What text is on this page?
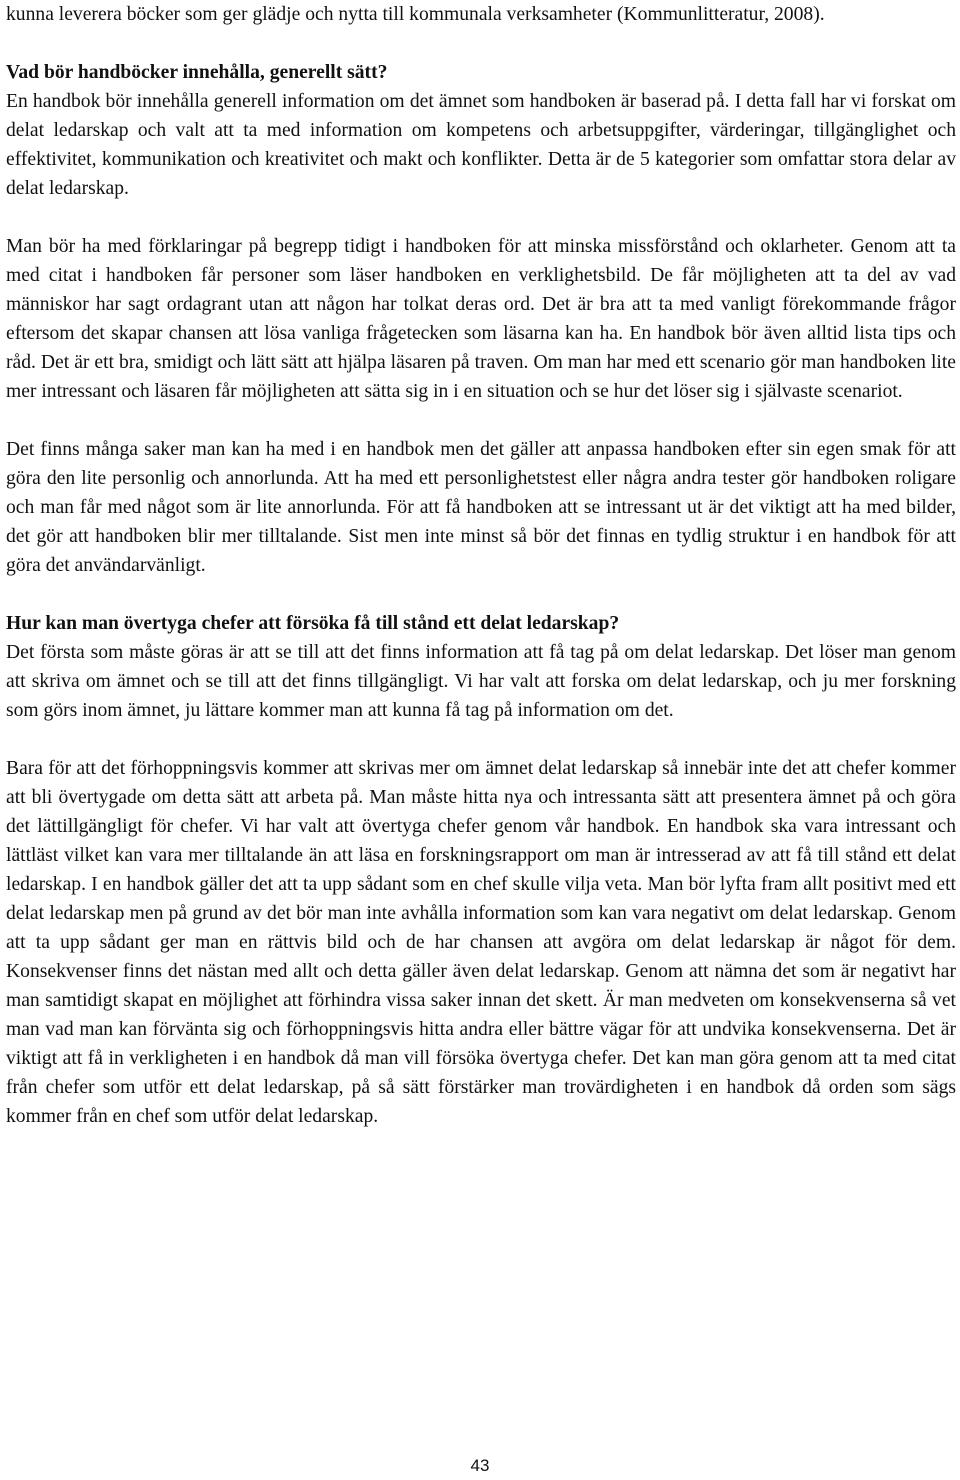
kunna leverera böcker som ger glädje och nytta till kommunala verksamheter (Kommunlitteratur, 2008).

Vad bör handböcker innehålla, generellt sätt?

En handbok bör innehålla generell information om det ämnet som handboken är baserad på. I detta fall har vi forskat om delat ledarskap och valt att ta med information om kompetens och arbetsuppgifter, värderingar, tillgänglighet och effektivitet, kommunikation och kreativitet och makt och konflikter. Detta är de 5 kategorier som omfattar stora delar av delat ledarskap.

Man bör ha med förklaringar på begrepp tidigt i handboken för att minska missförstånd och oklarheter. Genom att ta med citat i handboken får personer som läser handboken en verklighetsbild. De får möjligheten att ta del av vad människor har sagt ordagrant utan att någon har tolkat deras ord. Det är bra att ta med vanligt förekommande frågor eftersom det skapar chansen att lösa vanliga frågetecken som läsarna kan ha. En handbok bör även alltid lista tips och råd. Det är ett bra, smidigt och lätt sätt att hjälpa läsaren på traven. Om man har med ett scenario gör man handboken lite mer intressant och läsaren får möjligheten att sätta sig in i en situation och se hur det löser sig i självaste scenariot.

Det finns många saker man kan ha med i en handbok men det gäller att anpassa handboken efter sin egen smak för att göra den lite personlig och annorlunda. Att ha med ett personlighetstest eller några andra tester gör handboken roligare och man får med något som är lite annorlunda. För att få handboken att se intressant ut är det viktigt att ha med bilder, det gör att handboken blir mer tilltalande. Sist men inte minst så bör det finnas en tydlig struktur i en handbok för att göra det användarvänligt.

Hur kan man övertyga chefer att försöka få till stånd ett delat ledarskap?

Det första som måste göras är att se till att det finns information att få tag på om delat ledarskap. Det löser man genom att skriva om ämnet och se till att det finns tillgängligt. Vi har valt att forska om delat ledarskap, och ju mer forskning som görs inom ämnet, ju lättare kommer man att kunna få tag på information om det.

Bara för att det förhoppningsvis kommer att skrivas mer om ämnet delat ledarskap så innebär inte det att chefer kommer att bli övertygade om detta sätt att arbeta på. Man måste hitta nya och intressanta sätt att presentera ämnet på och göra det lättillgängligt för chefer. Vi har valt att övertyga chefer genom vår handbok. En handbok ska vara intressant och lättläst vilket kan vara mer tilltalande än att läsa en forskningsrapport om man är intresserad av att få till stånd ett delat ledarskap. I en handbok gäller det att ta upp sådant som en chef skulle vilja veta. Man bör lyfta fram allt positivt med ett delat ledarskap men på grund av det bör man inte avhålla information som kan vara negativt om delat ledarskap. Genom att ta upp sådant ger man en rättvis bild och de har chansen att avgöra om delat ledarskap är något för dem. Konsekvenser finns det nästan med allt och detta gäller även delat ledarskap. Genom att nämna det som är negativt har man samtidigt skapat en möjlighet att förhindra vissa saker innan det skett. Är man medveten om konsekvenserna så vet man vad man kan förvänta sig och förhoppningsvis hitta andra eller bättre vägar för att undvika konsekvenserna. Det är viktigt att få in verkligheten i en handbok då man vill försöka övertyga chefer. Det kan man göra genom att ta med citat från chefer som utför ett delat ledarskap, på så sätt förstärker man trovärdigheten i en handbok då orden som sägs kommer från en chef som utför delat ledarskap.

43
